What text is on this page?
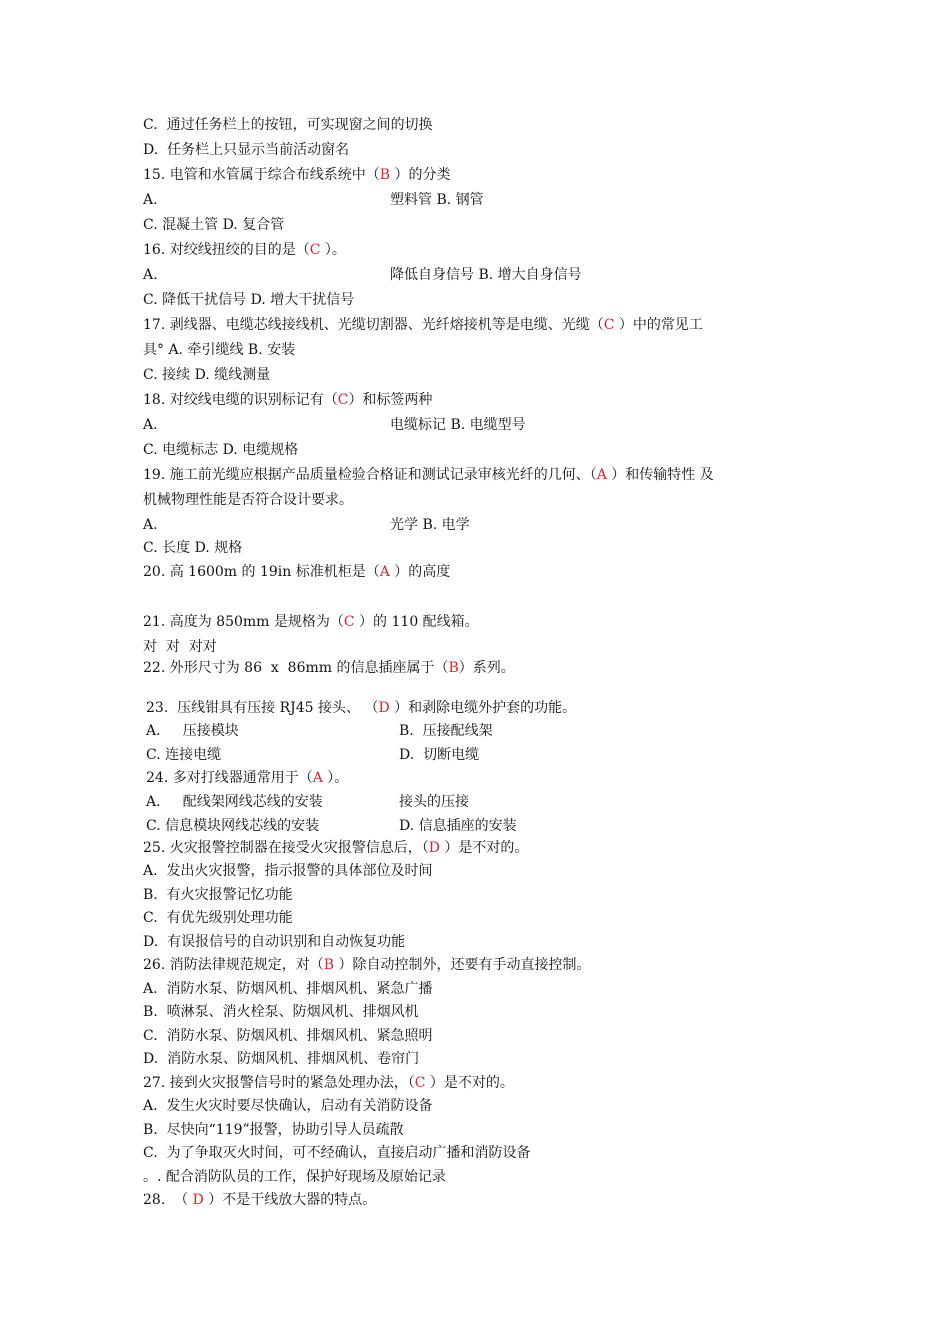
C.  通过任务栏上的按钮，可实现窗之间的切换
D.  任务栏上只显示当前活动窗名
15. 电管和水管属于综合布线系统中（B ）的分类
A.	塑料管 B. 钢管
C. 混凝土管 D. 复合管
16. 对绞线扭绞的目的是（C ）。
A.	降低自身信号 B. 增大自身信号
C. 降低干扰信号 D. 增大干扰信号
17. 剥线器、电缆芯线接线机、光缆切割器、光纤熔接机等是电缆、光缆（C ）中的常见工
具° A. 牵引缆线 B. 安装
C. 接续 D. 缆线测量
18. 对绞线电缆的识别标记有（C）和标签两种
A.	电缆标记 B. 电缆型号
C. 电缆标志 D. 电缆规格
19. 施工前光缆应根据产品质量检验合格证和测试记录审核光纤的几何、（A ）和传输特性 及
机械物理性能是否符合设计要求。
A.	光学 B. 电学
C. 长度 D. 规格
20. 高 1600m 的 19in 标准机柜是（A ）的高度
21. 高度为 850mm 是规格为（C ）的 110 配线箱。
对  对  对对
22. 外形尺寸为 86  x  86mm 的信息插座属于（B）系列。
23.  压线钳具有压接 RJ45 接头、 （D ）和剥除电缆外护套的功能。
A.     压接模块	B.  压接配线架
C. 连接电缆	D.  切断电缆
24. 多对打线器通常用于（A ）。
A.     配线架网线芯线的安装	接头的压接
C. 信息模块网线芯线的安装	D. 信息插座的安装
25. 火灾报警控制器在接受火灾报警信息后，（D ）是不对的。
A.  发出火灾报警，指示报警的具体部位及时间
B.  有火灾报警记忆功能
C.  有优先级别处理功能
D.  有误报信号的自动识别和自动恢复功能
26. 消防法律规范规定，对（B ）除自动控制外，还要有手动直接控制。
A.  消防水泵、防烟风机、排烟风机、紧急广播
B.  喷淋泵、消火栓泵、防烟风机、排烟风机
C.  消防水泵、防烟风机、排烟风机、紧急照明
D.  消防水泵、防烟风机、排烟风机、卷帘门
27. 接到火灾报警信号时的紧急处理办法，（C ）是不对的。
A.  发生火灾时要尽快确认，启动有关消防设备
B.  尽快向“119”报警，协助引导人员疏散
C.  为了争取灭火时间，可不经确认，直接启动广播和消防设备
。. 配合消防队员的工作，保护好现场及原始记录
28.  （ D ）不是干线放大器的特点。
